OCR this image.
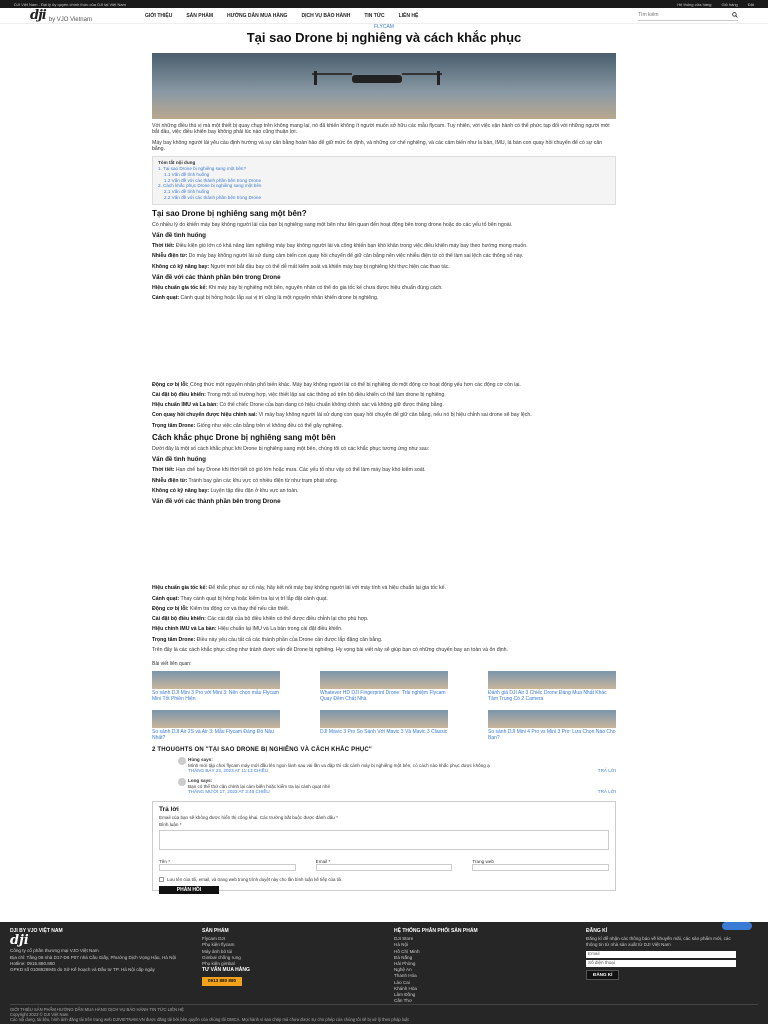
DJI Việt Nam - Đại lý ủy quyền chính thức của DJI tại Việt Nam	Hệ thống cửa hàng	Giỏ hàng	Đặt
dji by VJO Vietnam
GIỚI THIỆU	SẢN PHẨM	HƯỚNG DẪN MUA HÀNG	DỊCH VỤ BẢO HÀNH	TIN TỨC	LIÊN HỆ
Tìm kiếm
FLYCAM
Tại sao Drone bị nghiêng và cách khắc phục
Với những điều thú vị mà một thiết bị quay chụp trên không mang lại, nó đã khiến không ít người muốn sở hữu các mẫu flycam. Tuy nhiên, với việc vận hành có thể phức tạp đối với những người mới bắt đầu, việc điều khiển bay không phải lúc nào cũng thuận lợi.
Máy bay không người lái yêu cầu định hướng và sự cân bằng hoàn hảo để giữ mức ổn định, và những cơ chế nghiêng, và các cảm biến như la bàn, IMU, lá bàn con quay hồi chuyển để có sự cân bằng.
Tóm tắt nội dung
1. Tại sao Drone bị nghiêng sang một bên?
1.1 Vấn đề tình huống
1.2 Vấn đề với các thành phần bên trong Drone
2. Cách khắc phục Drone bị nghiêng sang một bên
2.1 Vấn đề tình huống
2.2 Vấn đề với các thành phần bên trong Drone
Tại sao Drone bị nghiêng sang một bên?
Có nhiều lý do khiến máy bay không người lái của bạn bị nghiêng sang một bên như liên quan đến hoạt động bên trong drone hoặc do các yếu tố bên ngoài.
Vấn đề tình huống
Thời tiết: Điều kiện gió lớn có khả năng làm nghiêng máy bay không người lái và công khiến bạn khó khăn trong việc điều khiển máy bay theo hướng mong muốn.
Nhiễu điện từ: Do máy bay không người lái sử dụng cảm biến con quay hồi chuyển để giữ cân bằng nên việc nhiễu điện từ có thể làm sai lệch các thông số này.
Không có kỹ năng bay: Người mới bắt đầu bay có thể dễ mất kiểm soát và khiến máy bay bị nghiêng khi thực hiện các thao tác.
Vấn đề với các thành phần bên trong Drone
Hiệu chuẩn gia tốc kế: Khi máy bay bị nghiêng một bên, nguyên nhân có thể do gia tốc kế chưa được hiệu chuẩn đúng cách.
Cánh quạt: Cánh quạt bị hỏng hoặc lắp sai vị trí cũng là một nguyên nhân khiến drone bị nghiêng.
Động cơ bị lỗi: Công thức một nguyên nhân phổ biến khác. Máy bay không người lái có thể bị nghiêng do một động cơ hoạt động yếu hơn các động cơ còn lại.
Cài đặt bộ điều khiển: Trong một số trường hợp, việc thiết lập sai các thông số trên bộ điều khiển có thể làm drone bị nghiêng.
Hiệu chuẩn IMU và La bàn: Có thể chiếc Drone của bạn đang có hiệu chuẩn không chính xác và không giữ được thăng bằng.
Con quay hồi chuyển được hiệu chỉnh sai: Vì máy bay không người lái sử dụng con quay hồi chuyển để giữ cân bằng, nếu nó bị hiệu chỉnh sai drone sẽ bay lệch.
Trọng tâm Drone: Giống như việc cân bằng trên vì không đều có thể gây nghiêng.
Cách khắc phục Drone bị nghiêng sang một bên
Dưới đây là một số cách khắc phục khi Drone bị nghiêng sang một bên, chúng tôi có các khắc phục tương ứng như sau:
Vấn đề tình huống
Thời tiết: Hạn chế bay Drone khi thời tiết có gió lớn hoặc mưa. Các yếu tố như vậy có thể làm máy bay khó kiểm soát.
Nhiễu điện từ: Tránh bay gần các khu vực có nhiều điện từ như trạm phát sóng.
Không có kỹ năng bay: Luyện tập đều đặn ở khu vực an toàn.
Vấn đề với các thành phần bên trong Drone
Hiệu chuẩn gia tốc kế: Để khắc phục sự cố này, hãy kết nối máy bay không người lái với máy tính và hiệu chuẩn lại gia tốc kế.
Cánh quạt: Thay cánh quạt bị hỏng hoặc kiểm tra lại vị trí lắp đặt cánh quạt.
Động cơ bị lỗi: Kiểm tra động cơ và thay thế nếu cần thiết.
Cài đặt bộ điều khiển: Các cài đặt của bộ điều khiển có thể được điều chỉnh lại cho phù hợp.
Hiệu chỉnh IMU và La bàn: Hiệu chuẩn lại IMU và La bàn trong cài đặt điều khiển.
Trọng tâm Drone: Điều này yêu cầu tất cả các thành phần của Drone cần được lắp đặng cân bằng.
Trên đây là các cách khắc phục cũng như tránh được vấn đề Drone bị nghiêng. Hy vọng bài viết này sẽ giúp bạn có những chuyến bay an toàn và ổn định.
Bài viết liên quan:
So sánh DJI Mini 3 Pro với Mini 3: Nên chọn mẫu Flycam Mini Tốt Phiên Hiện
Whatever HD DJI Fingerprint Drone: Trải nghiệm Flycam Quay Đêm Chất Nhà
Đánh giá DJI Air 3 Chiếc Drone Đáng Mua Nhất Khác Tâm Trung Có 2 Camera
So sánh DJI Air 2S và Air 3: Mẫu Flycam Đáng Đồ Nâu Nhất?
DJI Mavic 3 Pro So Sánh Với Mavic 3 Và Mavic 3 Classic	So sánh DJI Mini 4 Pro vs Mini 3 Pro: Lựa Chọn Nào Cho Bạn?
2 THOUGHTS ON "TẠI SAO DRONE BỊ NGHIÊNG VÀ CÁCH KHẮC PHỤC"
Hùng says:
Mình mới tập chơi flycam máy mới đầu lên ngon lành sau vài lần va đập thì cất cánh máy bị nghiêng một bên, có cách nào khắc phục được không ạ
THÁNG BẢY 23, 2023 AT 11:13 CHIỀU	TRẢ LỜI
Long says:
Bạn có thể thử cân chỉnh lại cảm biến hoặc kiểm tra lại cánh quạt nhé
THÁNG MƯỜI 17, 2023 AT 3:46 CHIỀU	TRẢ LỜI
Trả lời
Email của bạn sẽ không được hiển thị công khai. Các trường bắt buộc được đánh dấu *
Bình luận *
Tên *	Email *	Trang web
Lưu tên của tôi, email, và trang web trong trình duyệt này cho lần bình luận kế tiếp của tôi.
PHẢN HỒI
DJI BY VJO VIỆT NAM
dji
Công ty cổ phần thương mại VJO Việt Nam
Địa chỉ: Tầng 06 nhà D17-D6 P07 nhà Cầu Giấy, Phường Dịch Vọng Hậu, Hà Nội
Hotline: 0915.880.880
GPKD số 0108826945 do Sở Kế hoạch và Đầu tư TP. Hà Nội cấp ngày
SẢN PHẨM
Flycam DJI
Phụ kiện flycam
Máy ảnh bỏ túi
Gimbal chống rung
Phụ kiện gimbal
TƯ VẤN MUA HÀNG
0913 880 880
HỆ THỐNG PHÂN PHỐI SẢN PHẨM
DJI Store
Hà Nội
Hồ Chí Minh
Đà Nẵng
Hải Phòng
Nghệ An
Thanh Hóa
Lào Cai
Khánh Hòa
Lâm Đồng
Cần Thơ
ĐĂNG KÍ
Đăng kí để nhận các thông báo về khuyến mãi, các sản phẩm mới, các thông tin từ nhà sản xuất từ DJI Việt Nam
Email
Số điện thoại
ĐĂNG KÍ
GIỚI THIỆU SẢN PHẨM HƯỚNG DẪN MUA HÀNG DỊCH VỤ BẢO HÀNH TIN TỨC LIÊN HỆ
Copyright 2023 © DJI Việt Nam
Các nội dung, tài liệu, hình ảnh đăng tải trên trang web DJIVIETNAM.VN được đăng tải bởi bên quyền của chúng tôi DMCA. Mọi hành vi sao chép mà chưa được sự cho phép của chúng tôi sẽ bị xử lý theo pháp luật
